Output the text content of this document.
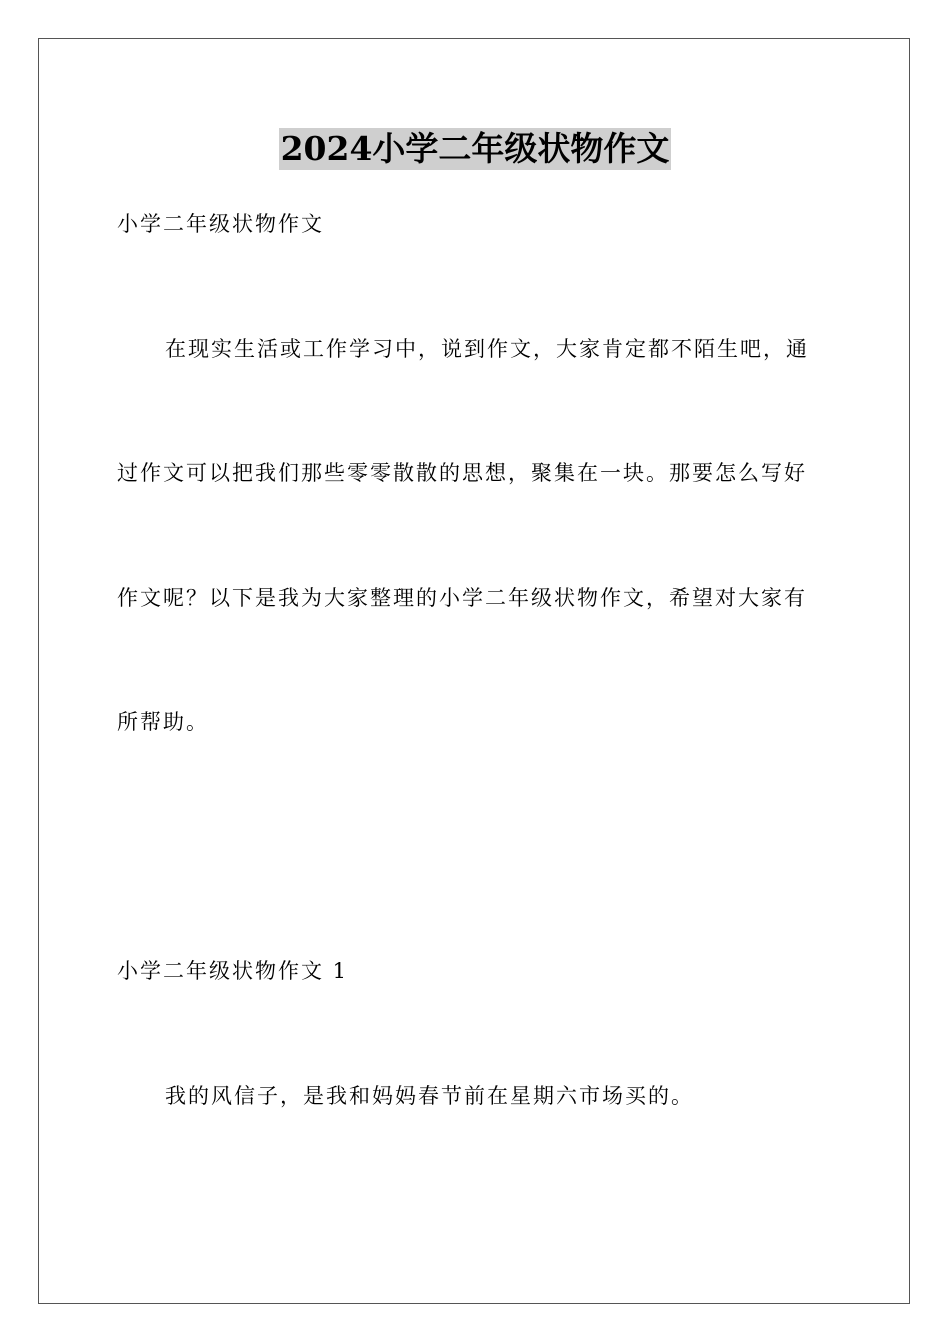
2024小学二年级状物作文
小学二年级状物作文
在现实生活或工作学习中，说到作文，大家肯定都不陌生吧，通
过作文可以把我们那些零零散散的思想，聚集在一块。那要怎么写好
作文呢？以下是我为大家整理的小学二年级状物作文，希望对大家有
所帮助。
小学二年级状物作文 1
我的风信子，是我和妈妈春节前在星期六市场买的。
